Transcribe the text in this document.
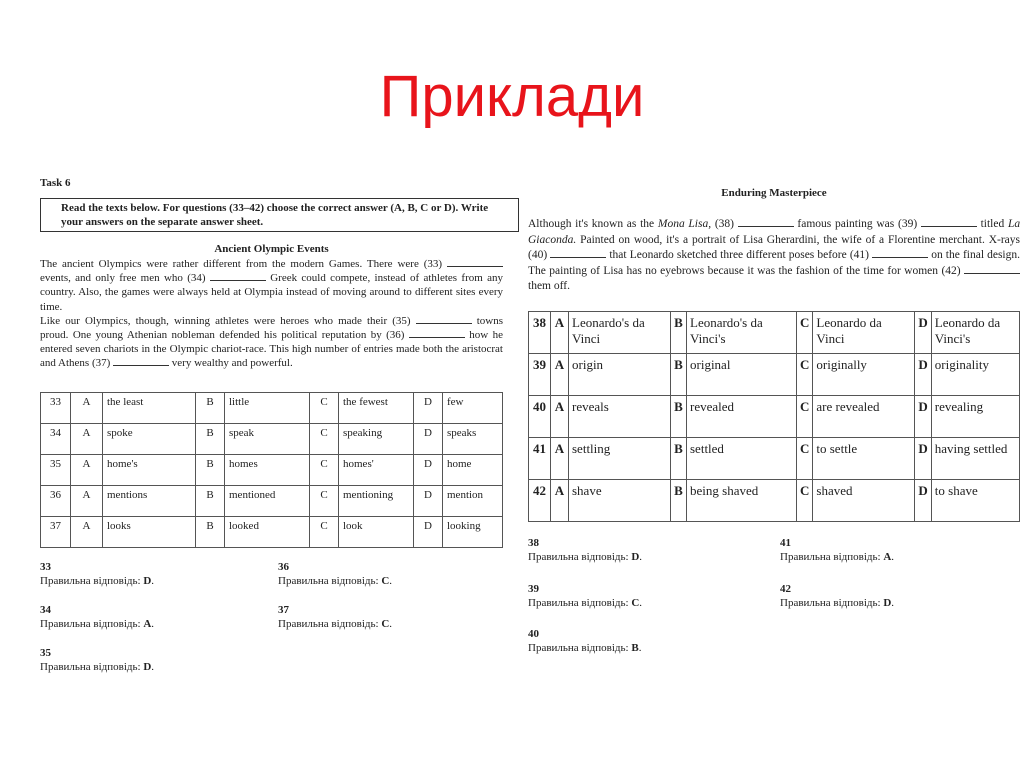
Приклади
Task 6
Read the texts below. For questions (33–42) choose the correct answer (A, B, C or D). Write your answers on the separate answer sheet.
Ancient Olympic Events

The ancient Olympics were rather different from the modern Games. There were (33)  events, and only free men who (34)	Greek could compete, instead of athletes from any country. Also, the games were always held at Olympia instead of moving around to different sites every time.

Like our Olympics, though, winning athletes were heroes who made their (35)	towns proud. One young Athenian nobleman defended his political reputation by (36)	how he entered seven chariots in the Olympic chariot-race. This high number of entries made both the aristocrat and Athens (37)	very wealthy and powerful.

33	A	the least	B	little	C	the fewest	D	few
34	A	spoke	B	speak	C	speaking	D	speaks
35	A	home's	B	homes	C	homes'	D	home
36	A	mentions	B	mentioned	C	mentioning	D	mention
37	A	looks	B	looked	C	look	D	looking
33
Правильна відповідь: D.
36
Правильна відповідь: C.
34
Правильна відповідь: A.
37
Правильна відповідь: C.
35
Правильна відповідь: D.
Enduring Masterpiece
Although it's known as the Mona Lisa, (38)	famous painting was (39)	titled La Giaconda. Painted on wood, it's a portrait of Lisa Gherardini, the wife of a Florentine merchant. X-rays (40)	that Leonardo sketched three different poses before (41)	on the final design. The painting of Lisa has no eyebrows because it was the fashion of the time for women (42)  them off.
38	A	Leonardo's da Vinci	B	Leonardo's da Vinci's	C	Leonardo da Vinci	D	Leonardo da Vinci's
39	A	origin	B	original	C	originally	D	originality
40	A	reveals	B	revealed	C	are revealed	D	revealing
41	A	settling	B	settled	C	to settle	D	having settled
42	A	shave	B	being shaved	C	shaved	D	to shave
38
Правильна відповідь: D.
41
Правильна відповідь: A.
39
Правильна відповідь: C.
42
Правильна відповідь: D.
40
Правильна відповідь: B.
